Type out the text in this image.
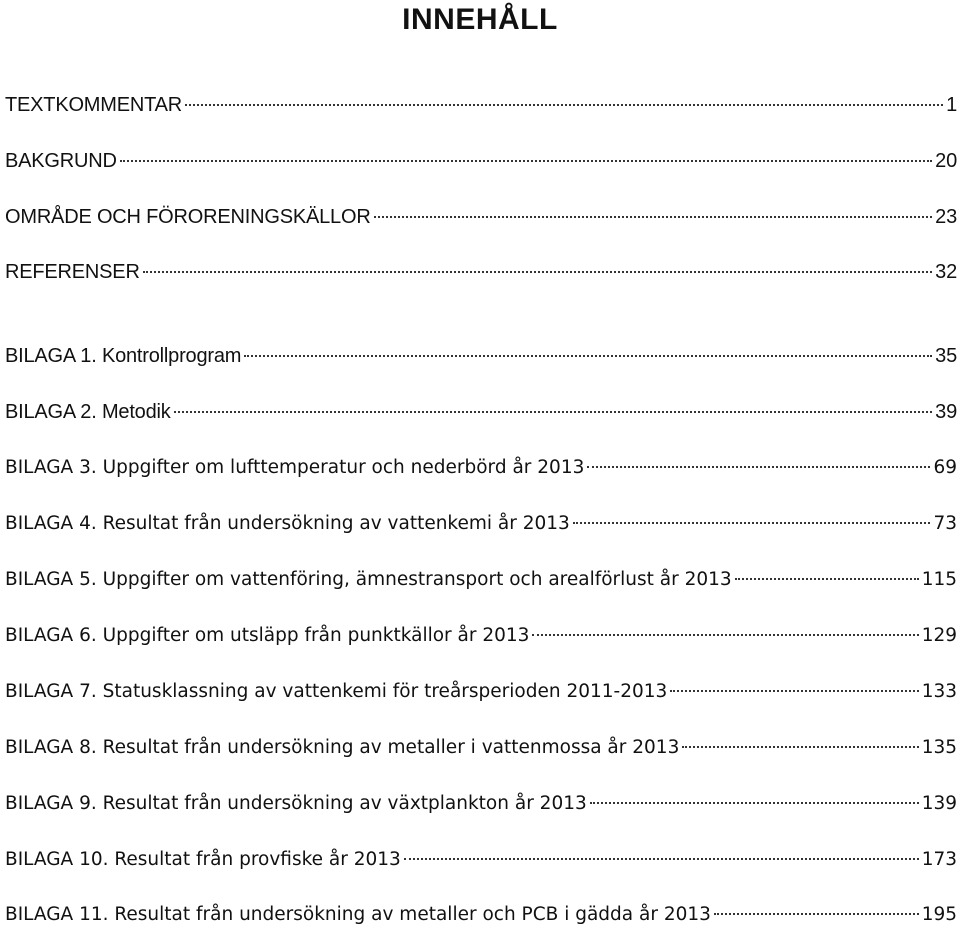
INNEHÅLL
TEXTKOMMENTAR	1
BAKGRUND	20
OMRÅDE OCH FÖRORENINGSKÄLLOR	23
REFERENSER	32
BILAGA 1. Kontrollprogram	35
BILAGA 2. Metodik	39
BILAGA 3. Uppgifter om lufttemperatur och nederbörd år 2013	69
BILAGA 4. Resultat från undersökning av vattenkemi år 2013	73
BILAGA 5. Uppgifter om vattenföring, ämnestransport och arealförlust år 2013	115
BILAGA 6. Uppgifter om utsläpp från punktkällor år 2013	129
BILAGA 7. Statusklassning av vattenkemi för treårsperioden 2011-2013	133
BILAGA 8. Resultat från undersökning av metaller i vattenmossa år 2013	135
BILAGA 9. Resultat från undersökning av växtplankton år 2013	139
BILAGA 10. Resultat från provfiske år 2013	173
BILAGA 11. Resultat från undersökning av metaller och PCB i gädda år 2013	195
